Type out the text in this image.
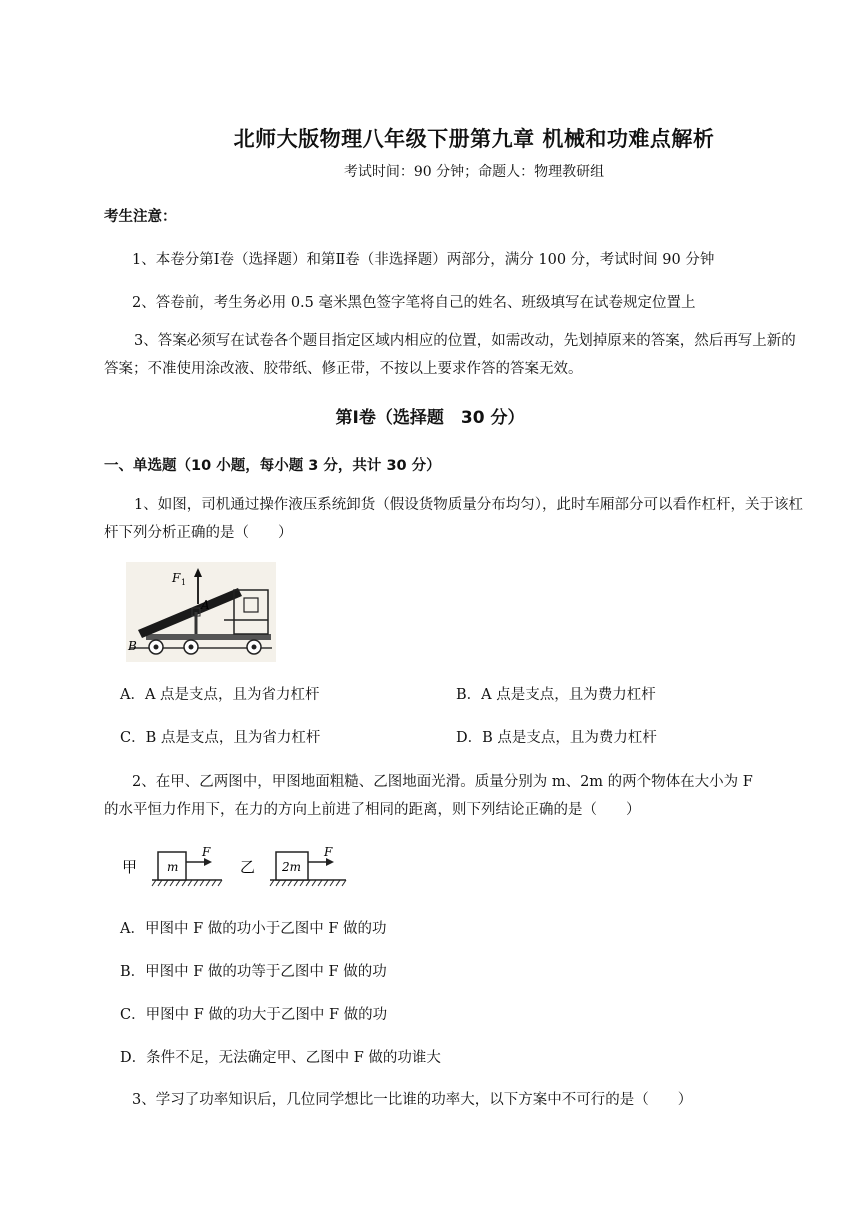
北师大版物理八年级下册第九章 机械和功难点解析
考试时间：90 分钟；命题人：物理教研组
考生注意：
1、本卷分第Ⅰ卷（选择题）和第Ⅱ卷（非选择题）两部分，满分 100 分，考试时间 90 分钟
2、答卷前，考生务必用 0.5 毫米黑色签字笔将自己的姓名、班级填写在试卷规定位置上
3、答案必须写在试卷各个题目指定区域内相应的位置，如需改动，先划掉原来的答案，然后再写上新的答案；不准使用涂改液、胶带纸、修正带，不按以上要求作答的答案无效。
第Ⅰ卷（选择题　30 分）
一、单选题（10 小题，每小题 3 分，共计 30 分）
1、如图，司机通过操作液压系统卸货（假设货物质量分布均匀），此时车厢部分可以看作杠杆，关于该杠杆下列分析正确的是（　　）
F 1
A
B
A．A 点是支点，且为省力杠杆	B．A 点是支点，且为费力杠杆
C．B 点是支点，且为省力杠杆	D．B 点是支点，且为费力杠杆
2、在甲、乙两图中，甲图地面粗糙、乙图地面光滑。质量分别为 m、2m 的两个物体在大小为 F
的水平恒力作用下，在力的方向上前进了相同的距离，则下列结论正确的是（　　）
甲 m
F
乙 2m
F
A．甲图中 F 做的功小于乙图中 F 做的功
B．甲图中 F 做的功等于乙图中 F 做的功
C．甲图中 F 做的功大于乙图中 F 做的功
D．条件不足，无法确定甲、乙图中 F 做的功谁大
3、学习了功率知识后，几位同学想比一比谁的功率大，以下方案中不可行的是（　　）
